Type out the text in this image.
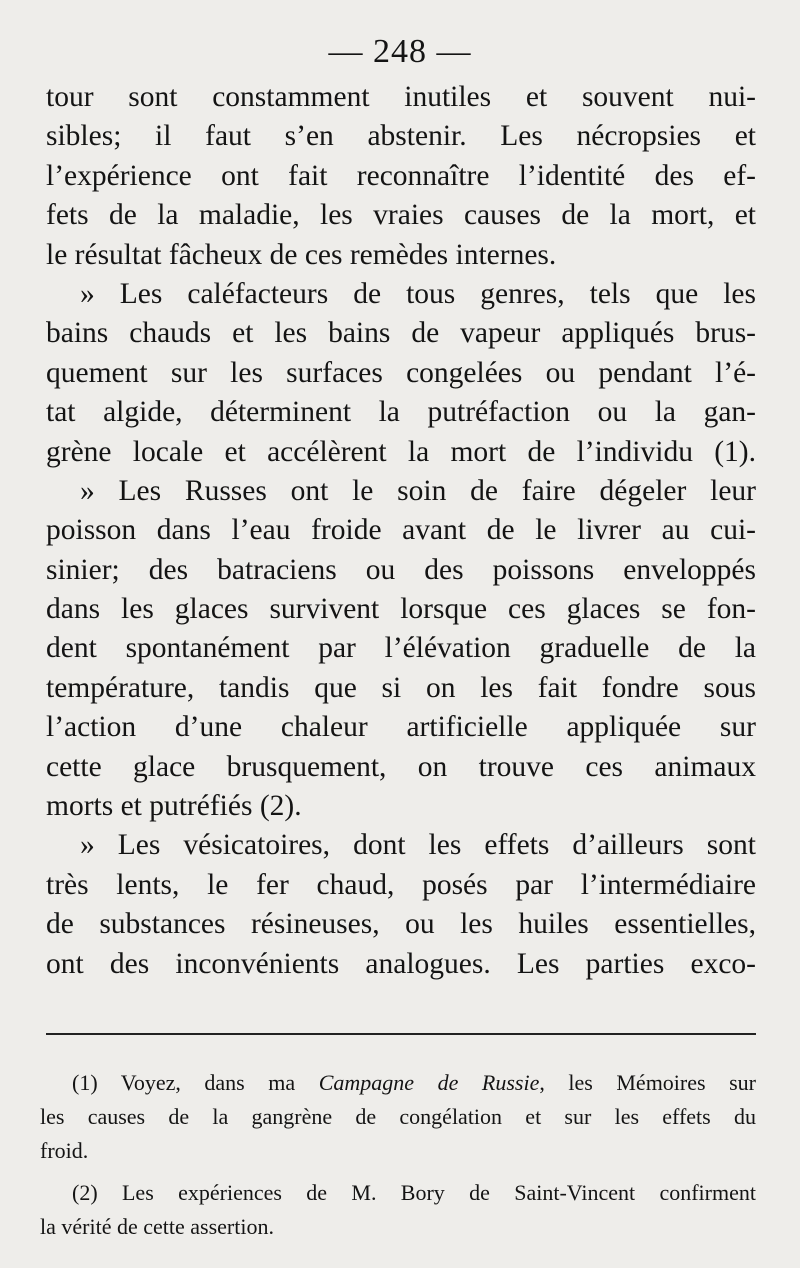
— 248 —
tour sont constamment inutiles et souvent nui-
sibles; il faut s’en abstenir. Les nécropsies et
l’expérience ont fait reconnaître l’identité des ef-
fets de la maladie, les vraies causes de la mort, et
le résultat fâcheux de ces remèdes internes.
» Les caléfacteurs de tous genres, tels que les
bains chauds et les bains de vapeur appliqués brus-
quement sur les surfaces congelées ou pendant l’é-
tat algide, déterminent la putréfaction ou la gan-
grène locale et accélèrent la mort de l’individu (1).
» Les Russes ont le soin de faire dégeler leur
poisson dans l’eau froide avant de le livrer au cui-
sinier; des batraciens ou des poissons enveloppés
dans les glaces survivent lorsque ces glaces se fon-
dent spontanément par l’élévation graduelle de la
température, tandis que si on les fait fondre sous
l’action d’une chaleur artificielle appliquée sur
cette glace brusquement, on trouve ces animaux
morts et putréfiés (2).
» Les vésicatoires, dont les effets d’ailleurs sont
très lents, le fer chaud, posés par l’intermédiaire
de substances résineuses, ou les huiles essentielles,
ont des inconvénients analogues. Les parties exco-
(1) Voyez, dans ma Campagne de Russie, les Mémoires sur
les causes de la gangrène de congélation et sur les effets du
froid.
(2) Les expériences de M. Bory de Saint-Vincent confirment
la vérité de cette assertion.
